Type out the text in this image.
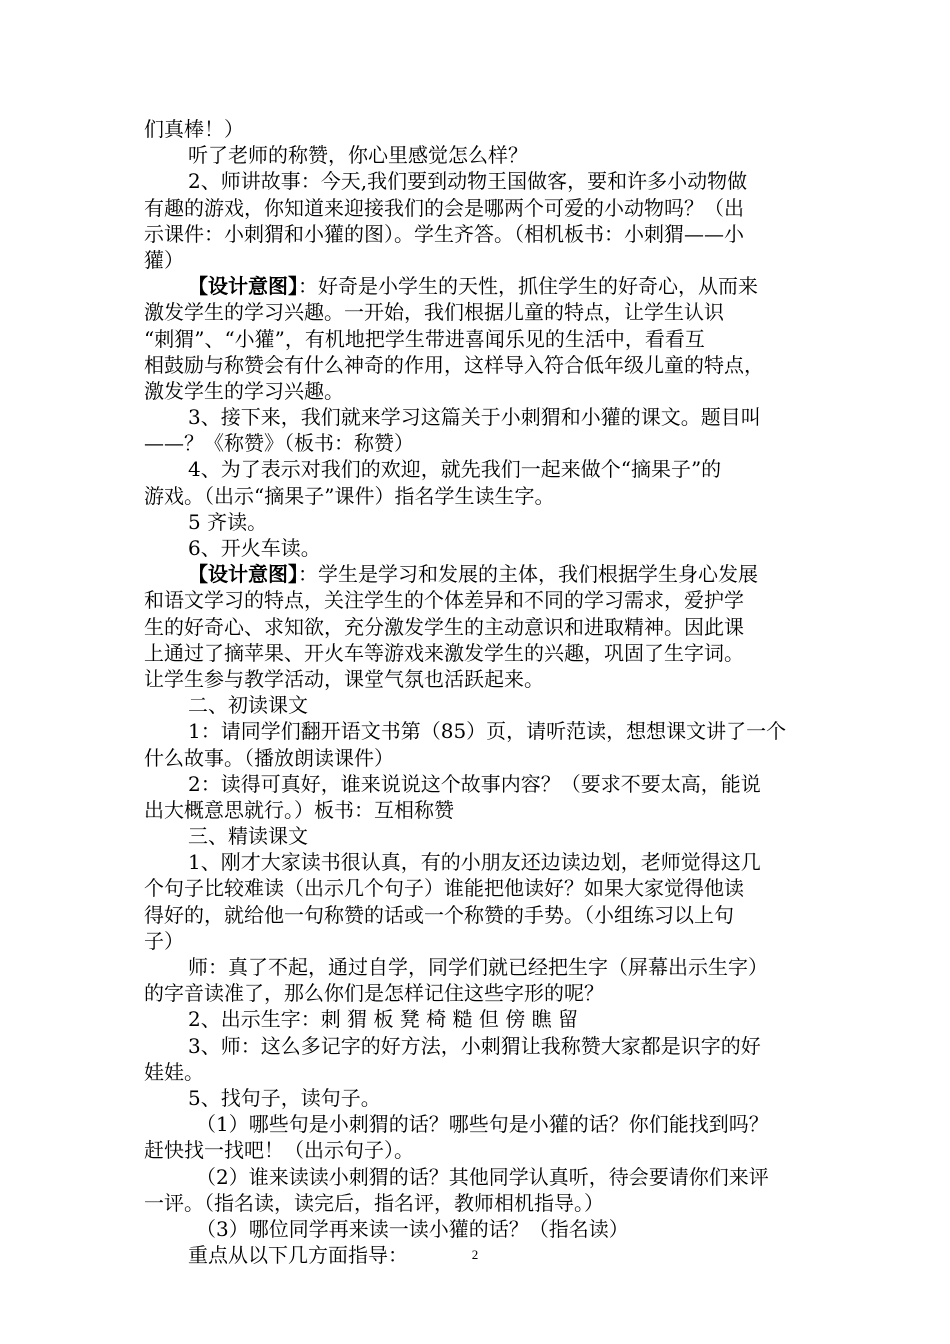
们真棒！）
听了老师的称赞，你心里感觉怎么样？
2、师讲故事：今天,我们要到动物王国做客，要和许多小动物做
有趣的游戏，你知道来迎接我们的会是哪两个可爱的小动物吗？（出
示课件：小刺猬和小獾的图）。学生齐答。（相机板书：小刺猬——小
獾）
【设计意图】：好奇是小学生的天性，抓住学生的好奇心，从而来
激发学生的学习兴趣。一开始，我们根据儿童的特点，让学生认识
“刺猬”、“小獾”，有机地把学生带进喜闻乐见的生活中，看看互
相鼓励与称赞会有什么神奇的作用，这样导入符合低年级儿童的特点，
激发学生的学习兴趣。
3、接下来，我们就来学习这篇关于小刺猬和小獾的课文。题目叫
——？《称赞》（板书：称赞）
4、为了表示对我们的欢迎，就先我们一起来做个“摘果子”的
游戏。（出示“摘果子”课件）指名学生读生字。
5 齐读。
6、开火车读。
【设计意图】：学生是学习和发展的主体，我们根据学生身心发展
和语文学习的特点，关注学生的个体差异和不同的学习需求，爱护学
生的好奇心、求知欲，充分激发学生的主动意识和进取精神。因此课
上通过了摘苹果、开火车等游戏来激发学生的兴趣，巩固了生字词。
让学生参与教学活动，课堂气氛也活跃起来。
二、初读课文
1：请同学们翻开语文书第（85）页，请听范读，想想课文讲了一个
什么故事。（播放朗读课件）
2：读得可真好，谁来说说这个故事内容？（要求不要太高，能说
出大概意思就行。）板书：互相称赞
三、精读课文
1、刚才大家读书很认真，有的小朋友还边读边划，老师觉得这几
个句子比较难读（出示几个句子）谁能把他读好？如果大家觉得他读
得好的，就给他一句称赞的话或一个称赞的手势。（小组练习以上句
子）
师：真了不起，通过自学，同学们就已经把生字（屏幕出示生字）
的字音读准了，那么你们是怎样记住这些字形的呢？
2、出示生字：刺 猬 板 凳 椅 糙 但 傍 瞧 留
3、师：这么多记字的好方法，小刺猬让我称赞大家都是识字的好
娃娃。
5、找句子，读句子。
（1）哪些句是小刺猬的话？哪些句是小獾的话？你们能找到吗？
赶快找一找吧！（出示句子）。
（2）谁来读读小刺猬的话？其他同学认真听，待会要请你们来评
一评。（指名读，读完后，指名评，教师相机指导。）
（3）哪位同学再来读一读小獾的话？（指名读）
重点从以下几方面指导：	2
